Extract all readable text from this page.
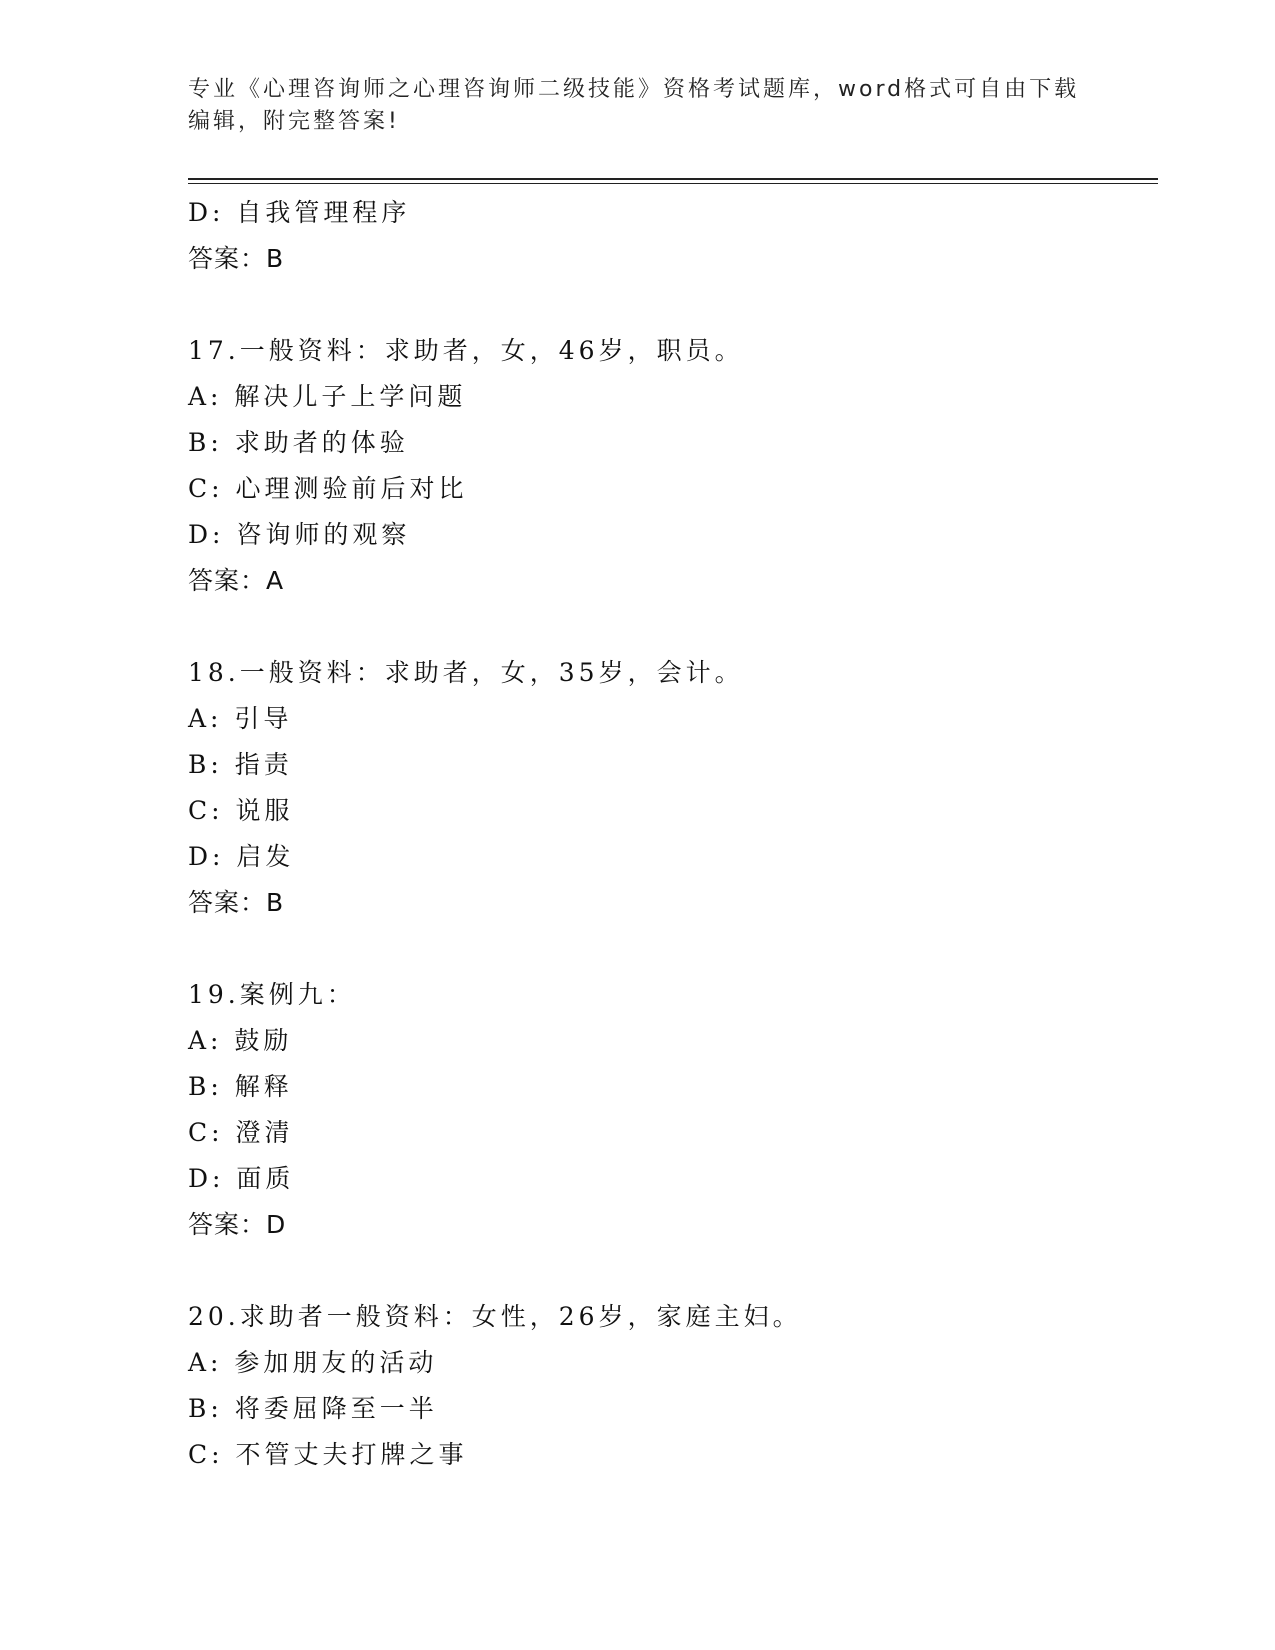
专业《心理咨询师之心理咨询师二级技能》资格考试题库，word格式可自由下载
编辑，附完整答案!
D: 自我管理程序
答案：B
17.一般资料：求助者，女，46岁，职员。
A: 解决儿子上学问题
B: 求助者的体验
C: 心理测验前后对比
D: 咨询师的观察
答案：A
18.一般资料：求助者，女，35岁，会计。
A: 引导
B: 指责
C: 说服
D: 启发
答案：B
19.案例九：
A: 鼓励
B: 解释
C: 澄清
D: 面质
答案：D
20.求助者一般资料：女性，26岁，家庭主妇。
A: 参加朋友的活动
B: 将委屈降至一半
C: 不管丈夫打牌之事
